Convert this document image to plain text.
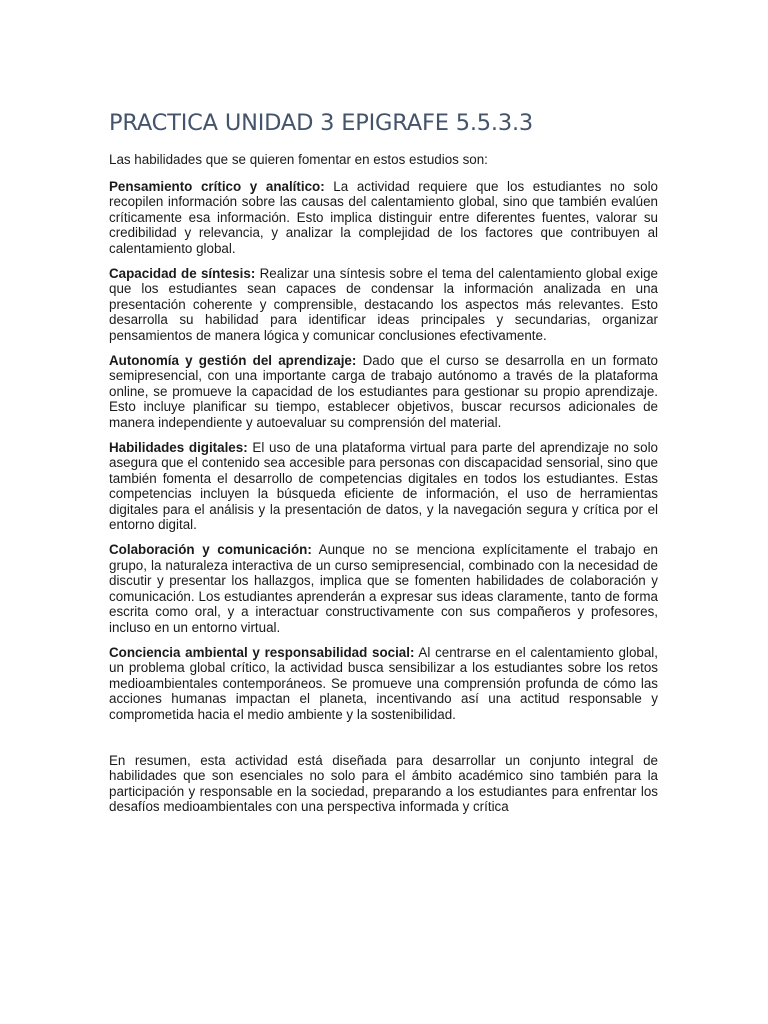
PRACTICA UNIDAD 3 EPIGRAFE 5.5.3.3

Las habilidades que se quieren fomentar en estos estudios son:

Pensamiento crítico y analítico: La actividad requiere que los estudiantes no solo recopilen información sobre las causas del calentamiento global, sino que también evalúen críticamente esa información. Esto implica distinguir entre diferentes fuentes, valorar su credibilidad y relevancia, y analizar la complejidad de los factores que contribuyen al calentamiento global.

Capacidad de síntesis: Realizar una síntesis sobre el tema del calentamiento global exige que los estudiantes sean capaces de condensar la información analizada en una presentación coherente y comprensible, destacando los aspectos más relevantes. Esto desarrolla su habilidad para identificar ideas principales y secundarias, organizar pensamientos de manera lógica y comunicar conclusiones efectivamente.

Autonomía y gestión del aprendizaje: Dado que el curso se desarrolla en un formato semipresencial, con una importante carga de trabajo autónomo a través de la plataforma online, se promueve la capacidad de los estudiantes para gestionar su propio aprendizaje. Esto incluye planificar su tiempo, establecer objetivos, buscar recursos adicionales de manera independiente y autoevaluar su comprensión del material.

Habilidades digitales: El uso de una plataforma virtual para parte del aprendizaje no solo asegura que el contenido sea accesible para personas con discapacidad sensorial, sino que también fomenta el desarrollo de competencias digitales en todos los estudiantes. Estas competencias incluyen la búsqueda eficiente de información, el uso de herramientas digitales para el análisis y la presentación de datos, y la navegación segura y crítica por el entorno digital.

Colaboración y comunicación: Aunque no se menciona explícitamente el trabajo en grupo, la naturaleza interactiva de un curso semipresencial, combinado con la necesidad de discutir y presentar los hallazgos, implica que se fomenten habilidades de colaboración y comunicación. Los estudiantes aprenderán a expresar sus ideas claramente, tanto de forma escrita como oral, y a interactuar constructivamente con sus compañeros y profesores, incluso en un entorno virtual.

Conciencia ambiental y responsabilidad social: Al centrarse en el calentamiento global, un problema global crítico, la actividad busca sensibilizar a los estudiantes sobre los retos medioambientales contemporáneos. Se promueve una comprensión profunda de cómo las acciones humanas impactan el planeta, incentivando así una actitud responsable y comprometida hacia el medio ambiente y la sostenibilidad.

En resumen, esta actividad está diseñada para desarrollar un conjunto integral de habilidades que son esenciales no solo para el ámbito académico sino también para la participación y responsable en la sociedad, preparando a los estudiantes para enfrentar los desafíos medioambientales con una perspectiva informada y crítica
